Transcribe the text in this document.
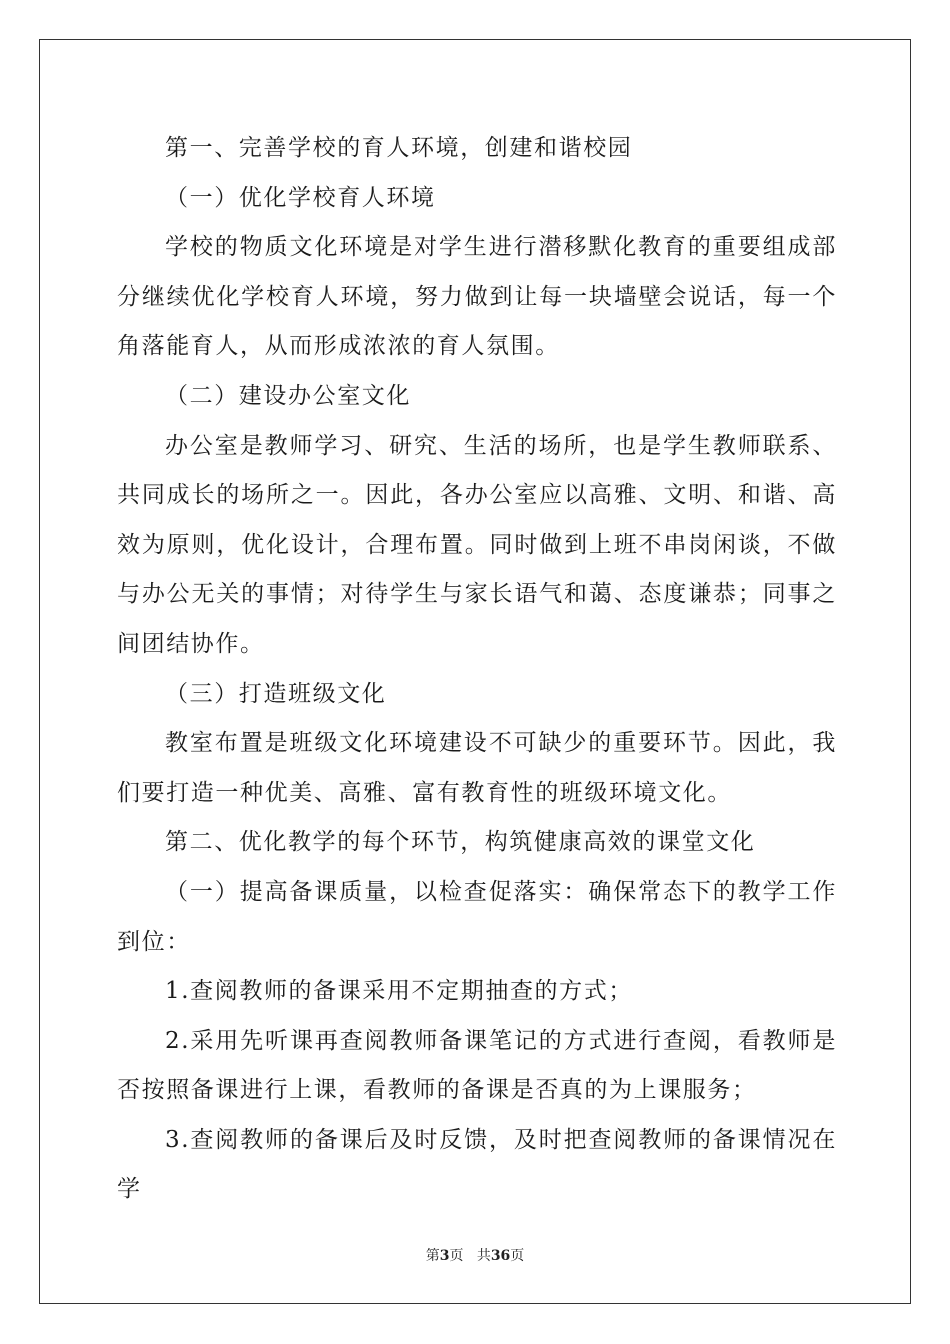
第一、完善学校的育人环境，创建和谐校园

（一）优化学校育人环境

学校的物质文化环境是对学生进行潜移默化教育的重要组成部分继续优化学校育人环境，努力做到让每一块墙壁会说话，每一个角落能育人，从而形成浓浓的育人氛围。

（二）建设办公室文化

办公室是教师学习、研究、生活的场所，也是学生教师联系、共同成长的场所之一。因此，各办公室应以高雅、文明、和谐、高效为原则，优化设计，合理布置。同时做到上班不串岗闲谈，不做与办公无关的事情；对待学生与家长语气和蔼、态度谦恭；同事之间团结协作。

（三）打造班级文化

教室布置是班级文化环境建设不可缺少的重要环节。因此，我们要打造一种优美、高雅、富有教育性的班级环境文化。

第二、优化教学的每个环节，构筑健康高效的课堂文化

（一）提高备课质量，以检查促落实：确保常态下的教学工作到位：

1.查阅教师的备课采用不定期抽查的方式；

2.采用先听课再查阅教师备课笔记的方式进行查阅，看教师是否按照备课进行上课，看教师的备课是否真的为上课服务；

3.查阅教师的备课后及时反馈，及时把查阅教师的备课情况在学

第3页 共36页
